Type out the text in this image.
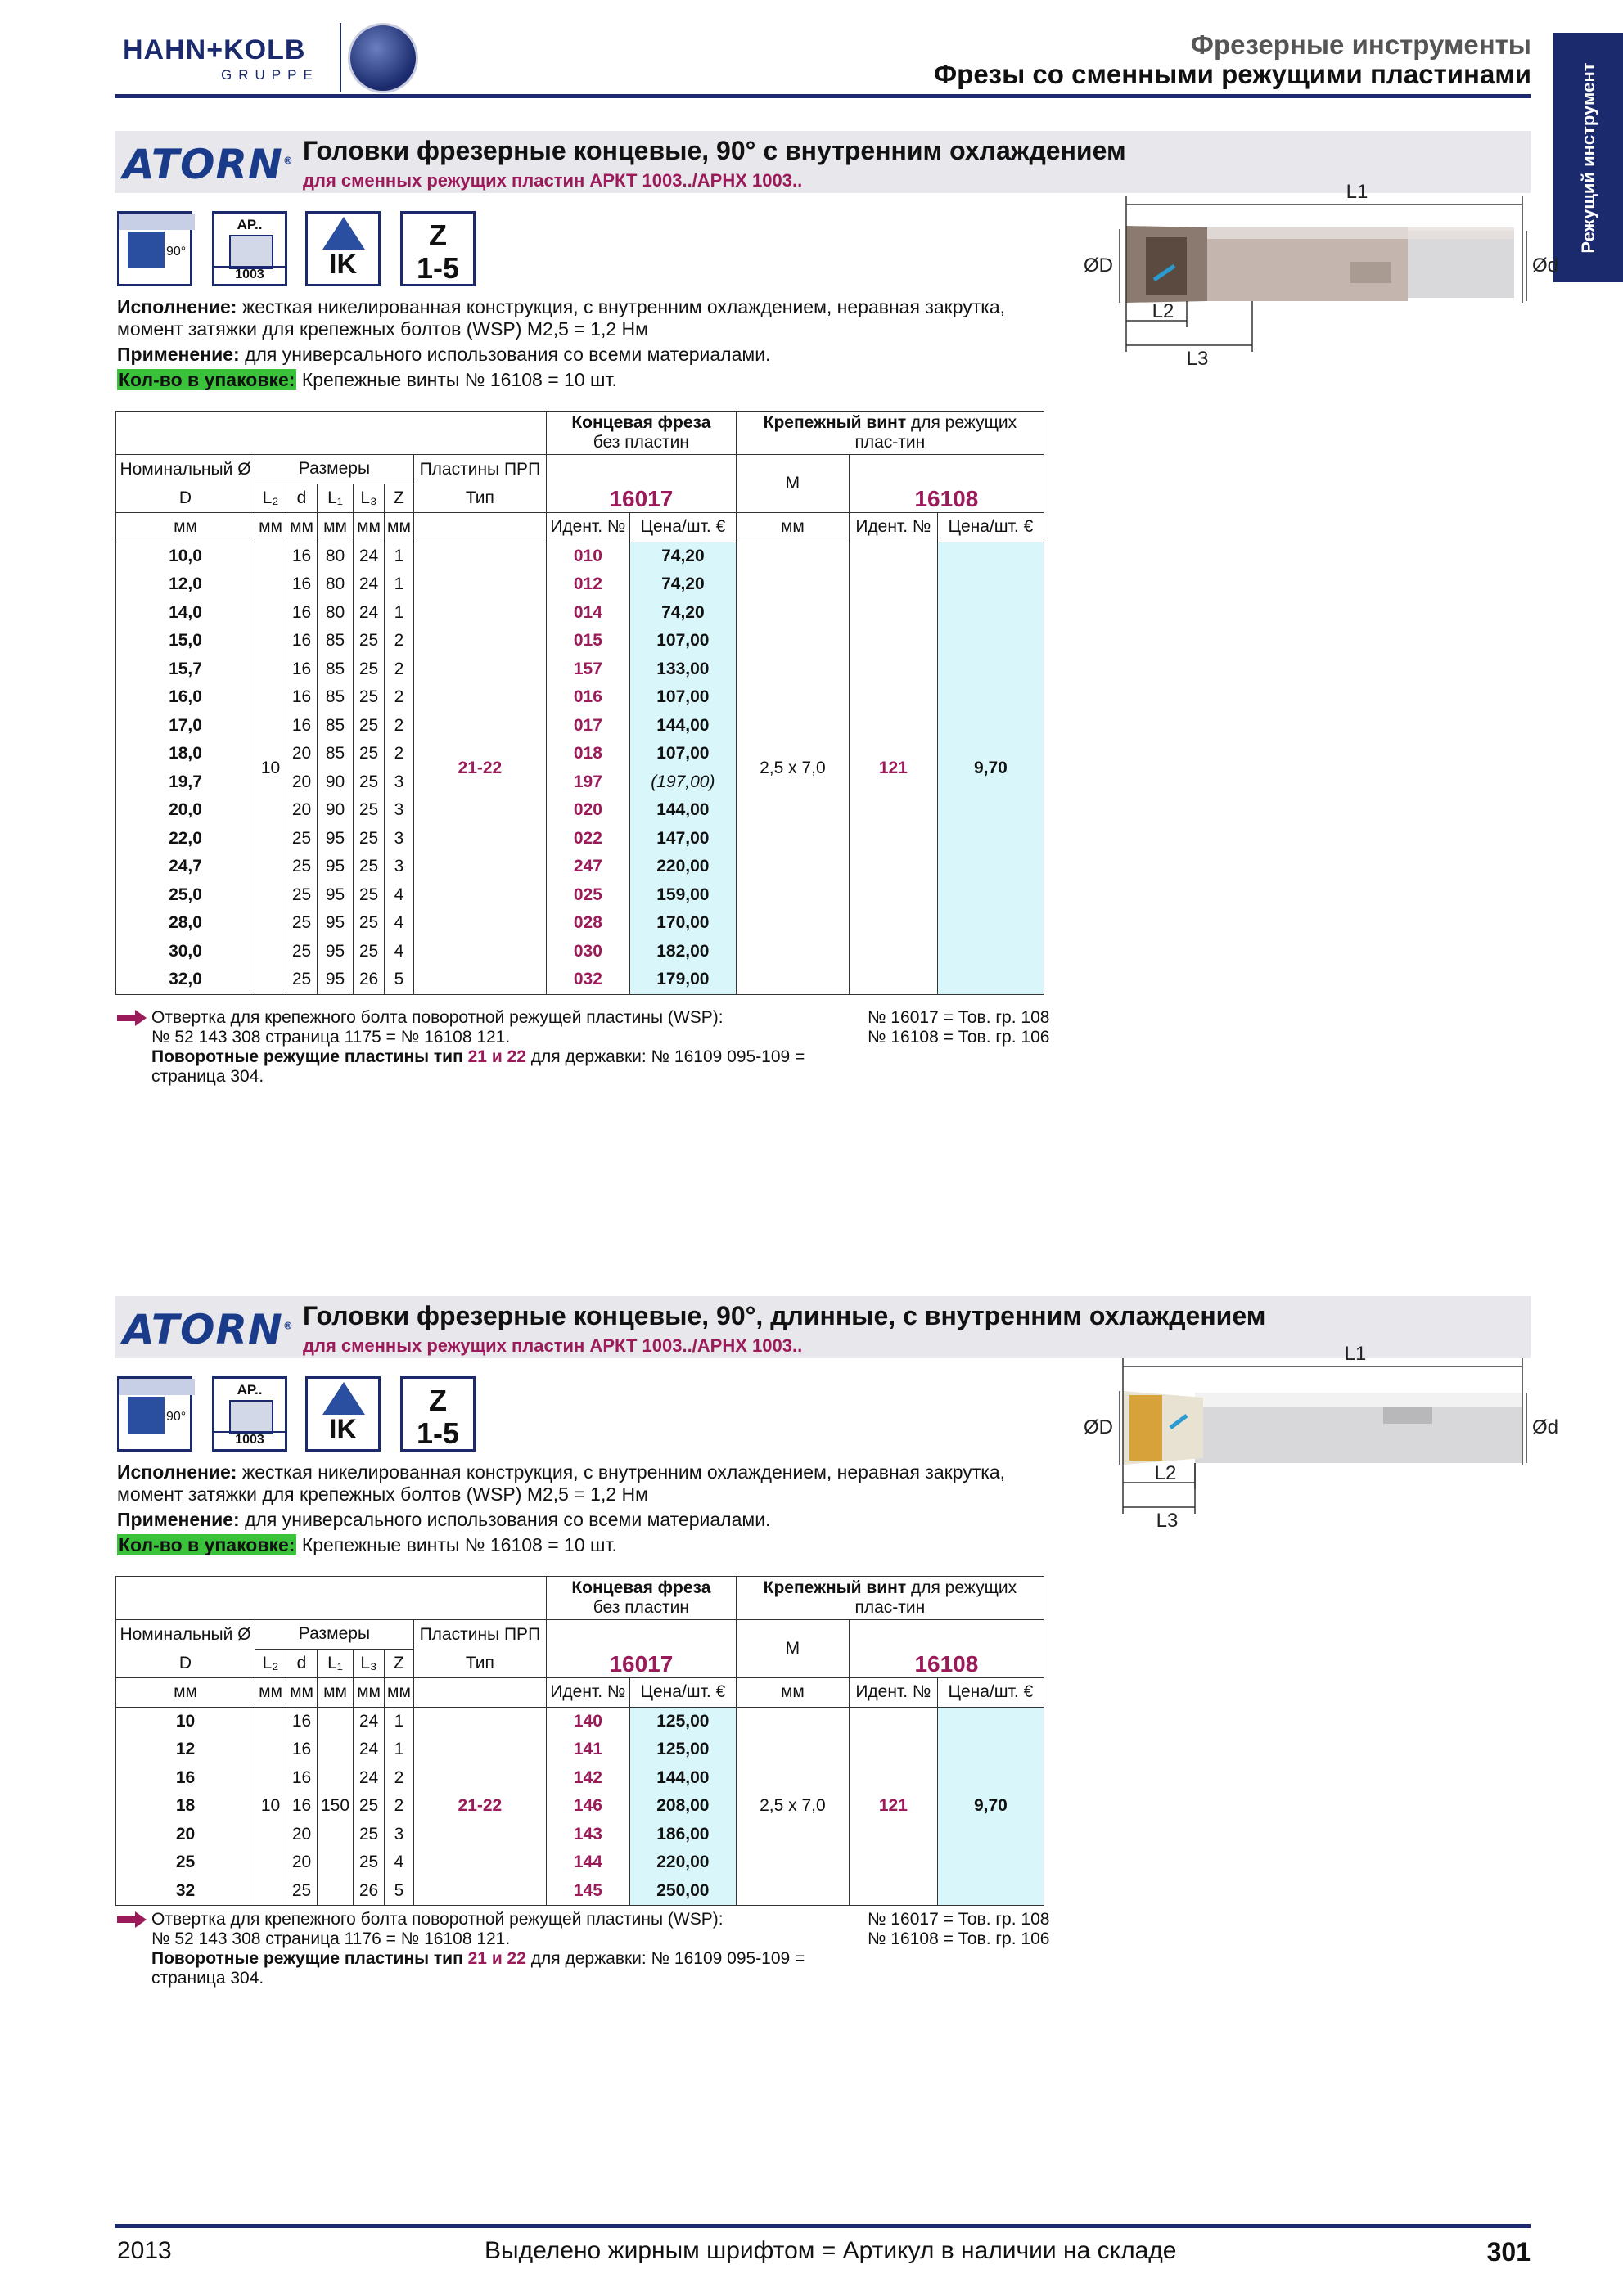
HAHN+KOLB
GRUPPE
Фрезерные инструменты
Фрезы со сменными режущими пластинами	Режущий инструмент
ATORN® Головки фрезерные концевые, 90° с внутренним охлаждением
для сменных режущих пластин АРКТ 1003../АРНХ 1003..
90°
AP..
1003	IK
Z
1-5
Исполнение: жесткая никелированная конструкция, с внутренним охлаждением, неравная закрутка, момент затяжки для крепежных болтов (WSP) М2,5 = 1,2 Нм
Применение: для универсального использования со всеми материалами.
Кол-во в упаковке: Крепежные винты № 16108 = 10 шт.

							Концевая фреза
без пластин		Крепежный винт для режущих плас-тин		
Номинальный Ø	Размеры					Пластины ПРП	16017		M	16108	
D	L₂	d	L₁	L₃	Z	Тип					
мм	мм	мм	мм	мм	мм		Идент. №	Цена/шт. €	мм	Идент. №	Цена/шт. €
10,0	10	16	80	24	1	21-22	010	74,20	2,5 x 7,0	121	9,70
12,0		16	80	24	1		012	74,20			
14,0		16	80	24	1		014	74,20			
15,0		16	85	25	2		015	107,00			
15,7		16	85	25	2		157	133,00			
16,0		16	85	25	2		016	107,00			
17,0		16	85	25	2		017	144,00			
18,0		20	85	25	2		018	107,00			
19,7		20	90	25	3		197	(197,00)			
20,0		20	90	25	3		020	144,00			
22,0		25	95	25	3		022	147,00			
24,7		25	95	25	3		247	220,00			
25,0		25	95	25	4		025	159,00			
28,0		25	95	25	4		028	170,00			
30,0		25	95	25	4		030	182,00			
32,0		25	95	26	5		032	179,00			
Отвертка для крепежного болта поворотной режущей пластины (WSP):
№ 52 143 308 страница 1175 = № 16108 121.
Поворотные режущие пластины тип 21 и 22 для державки: № 16109 095-109 =
страница 304.
№ 16017 = Тов. гр. 108
№ 16108 = Тов. гр. 106
L1
L2
L3
ØD	Ød
ATORN® Головки фрезерные концевые, 90°, длинные, с внутренним охлаждением
для сменных режущих пластин АРКТ 1003../АРНХ 1003..
90°
AP..
1003	IK
Z
1-5
Исполнение: жесткая никелированная конструкция, с внутренним охлаждением, неравная закрутка, момент затяжки для крепежных болтов (WSP) М2,5 = 1,2 Нм
Применение: для универсального использования со всеми материалами.
Кол-во в упаковке: Крепежные винты № 16108 = 10 шт.

							Концевая фреза
без пластин		Крепежный винт для режущих плас-тин		
Номинальный Ø	Размеры					Пластины ПРП	16017		M	16108	
D	L₂	d	L₁	L₃	Z	Тип					
мм	мм	мм	мм	мм	мм		Идент. №	Цена/шт. €	мм	Идент. №	Цена/шт. €
10	10	16	150	24	1	21-22	140	125,00	2,5 x 7,0	121	9,70
12		16		24	1		141	125,00			
16		16		24	2		142	144,00			
18		16		25	2		146	208,00			
20		20		25	3		143	186,00			
25		20		25	4		144	220,00			
32		25		26	5		145	250,00			
Отвертка для крепежного болта поворотной режущей пластины (WSP):
№ 52 143 308 страница 1176 = № 16108 121.
Поворотные режущие пластины тип 21 и 22 для державки: № 16109 095-109 =
страница 304.
№ 16017 = Тов. гр. 108
№ 16108 = Тов. гр. 106
L1
L2
L3
ØD	Ød
2013	Выделено жирным шрифтом = Артикул в наличии на складе	301
